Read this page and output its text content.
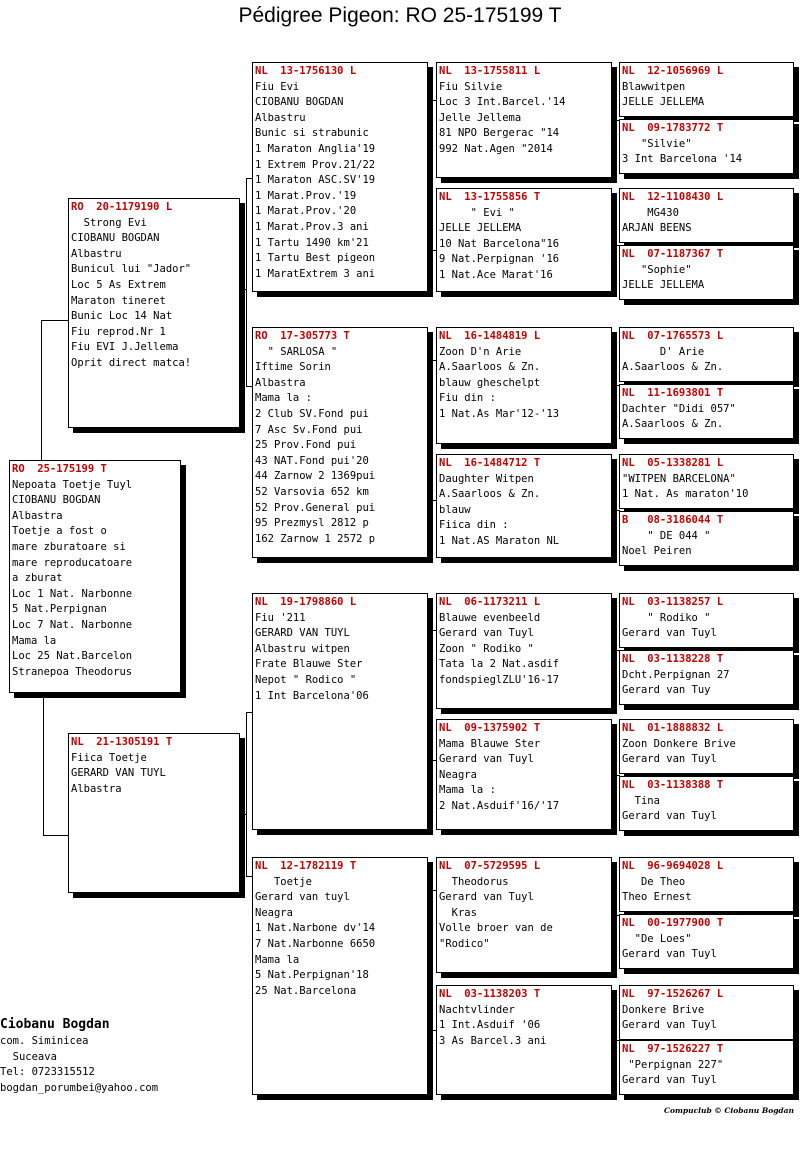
Pédigree Pigeon: RO 25-175199 T
RO  25-175199 T
Nepoata Toetje Tuyl
CIOBANU BOGDAN
Albastra
Toetje a fost o
mare zburatoare si
mare reproducatoare
a zburat
Loc 1 Nat. Narbonne
5 Nat.Perpignan
Loc 7 Nat. Narbonne
Mama la
Loc 25 Nat.Barcelon
Stranepoa Theodorus
RO  20-1179190 L
Strong Evi
CIOBANU BOGDAN
Albastru
Bunicul lui "Jador"
Loc 5 As Extrem
Maraton tineret
Bunic Loc 14 Nat
Fiu reprod.Nr 1
Fiu EVI J.Jellema
Oprit direct matca!
NL  21-1305191 T
Fiica Toetje
GERARD VAN TUYL
Albastra
NL  13-1756130 L
Fiu Evi
CIOBANU BOGDAN
Albastru
Bunic si strabunic
1 Maraton Anglia'19
1 Extrem Prov.21/22
1 Maraton ASC.SV'19
1 Marat.Prov.'19
1 Marat.Prov.'20
1 Marat.Prov.3 ani
1 Tartu 1490 km'21
1 Tartu Best pigeon
1 MaratExtrem 3 ani
RO  17-305773 T
" SARLOSA "
Iftime Sorin
Albastra
Mama la :
2 Club SV.Fond pui
7 Asc Sv.Fond pui
25 Prov.Fond pui
43 NAT.Fond pui'20
44 Zarnow 2 1369pui
52 Varsovia 652 km
52 Prov.General pui
95 Prezmysl 2812 p
162 Zarnow 1 2572 p
NL  19-1798860 L
Fiu '211
GERARD VAN TUYL
Albastru witpen
Frate Blauwe Ster
Nepot " Rodico "
1 Int Barcelona'06
NL  12-1782119 T
Toetje
Gerard van tuyl
Neagra
1 Nat.Narbone dv'14
7 Nat.Narbonne 6650
Mama la
5 Nat.Perpignan'18
25 Nat.Barcelona
NL  13-1755811 L
Fiu Silvie
Loc 3 Int.Barcel.'14
Jelle Jellema
81 NPO Bergerac "14
992 Nat.Agen "2014
NL  13-1755856 T
" Evi "
JELLE JELLEMA
10 Nat Barcelona"16
9 Nat.Perpignan '16
1 Nat.Ace Marat'16
NL  16-1484819 L
Zoon D'n Arie
A.Saarloos & Zn.
blauw gheschelpt
Fiu din :
1 Nat.As Mar'12-'13
NL  16-1484712 T
Daughter Witpen
A.Saarloos & Zn.
blauw
Fiica din :
1 Nat.AS Maraton NL
NL  06-1173211 L
Blauwe evenbeeld
Gerard van Tuyl
Zoon " Rodiko "
Tata la 2 Nat.asdif
fondspieglZLU'16-17
NL  09-1375902 T
Mama Blauwe Ster
Gerard van Tuyl
Neagra
Mama la :
2 Nat.Asduif'16/'17
NL  07-5729595 L
Theodorus
Gerard van Tuyl
Kras
Volle broer van de
"Rodico"
NL  03-1138203 T
Nachtvlinder
1 Int.Asduif '06
3 As Barcel.3 ani
NL  12-1056969 L
Blawwitpen
JELLE JELLEMA
NL  09-1783772 T
"Silvie"
3 Int Barcelona '14
NL  12-1108430 L
MG430
ARJAN BEENS
NL  07-1187367 T
"Sophie"
JELLE JELLEMA
NL  07-1765573 L
D' Arie
A.Saarloos & Zn.
NL  11-1693801 T
Dachter "Didi 057"
A.Saarloos & Zn.
NL  05-1338281 L
"WITPEN BARCELONA"
1 Nat. As maraton'10
B   08-3186044 T
" DE 044 "
Noel Peiren
NL  03-1138257 L
" Rodiko "
Gerard van Tuyl
NL  03-1138228 T
Dcht.Perpignan 27
Gerard van Tuy
NL  01-1888832 L
Zoon Donkere Brive
Gerard van Tuyl
NL  03-1138388 T
Tina
Gerard van Tuyl
NL  96-9694028 L
De Theo
Theo Ernest
NL  00-1977900 T
"De Loes"
Gerard van Tuyl
NL  97-1526267 L
Donkere Brive
Gerard van Tuyl
NL  97-1526227 T
"Perpignan 227"
Gerard van Tuyl
Ciobanu Bogdan
com. Siminicea
Suceava
Tel: 0723315512
bogdan_porumbei@yahoo.com
Compuclub © Ciobanu Bogdan
